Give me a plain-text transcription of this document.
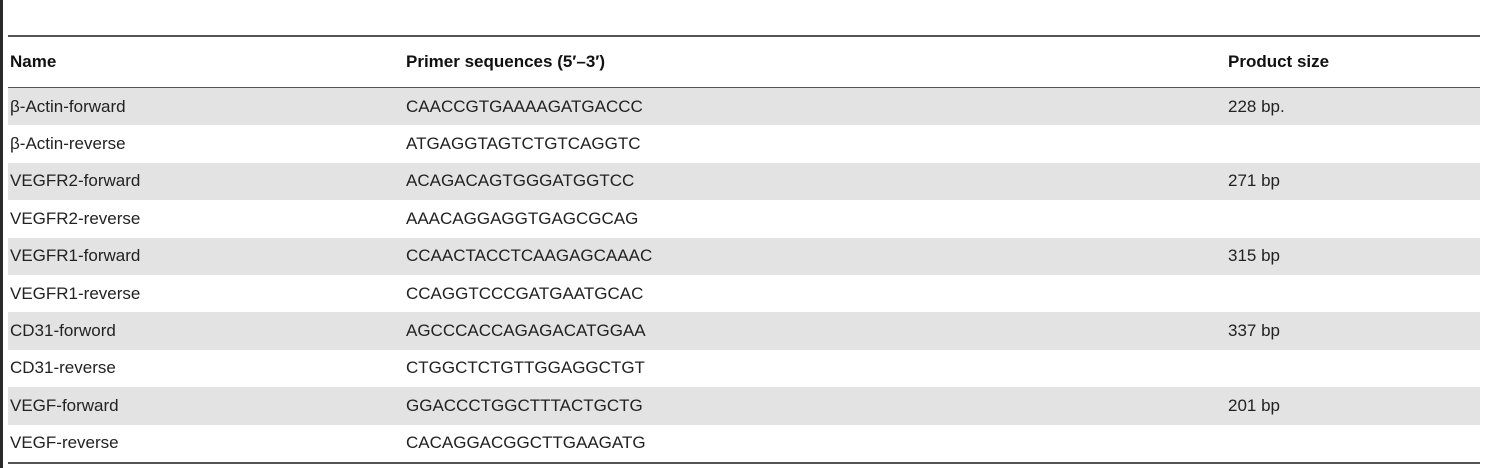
Name	Primer sequences (5′–3′)	Product size
β-Actin-forward	CAACCGTGAAAAGATGACCC	228 bp.
β-Actin-reverse	ATGAGGTAGTCTGTCAGGTC
VEGFR2-forward	ACAGACAGTGGGATGGTCC	271 bp
VEGFR2-reverse	AAACAGGAGGTGAGCGCAG
VEGFR1-forward	CCAACTACCTCAAGAGCAAAC	315 bp
VEGFR1-reverse	CCAGGTCCCGATGAATGCAC
CD31-forword	AGCCCACCAGAGACATGGAA	337 bp
CD31-reverse	CTGGCTCTGTTGGAGGCTGT
VEGF-forward	GGACCCTGGCTTTACTGCTG	201 bp
VEGF-reverse	CACAGGACGGCTTGAAGATG
